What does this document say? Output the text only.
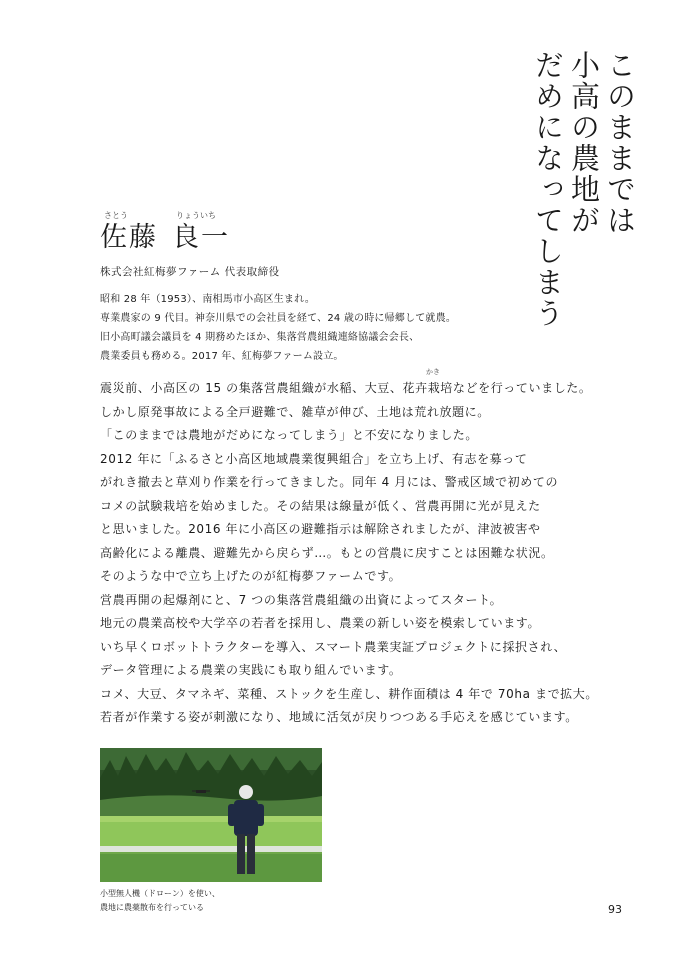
このままでは
小高の農地が
だめになってしまう
さとう	りょういち
佐藤 良一
株式会社紅梅夢ファーム 代表取締役

昭和 28 年（1953）、南相馬市小高区生まれ。

専業農家の 9 代目。神奈川県での会社員を経て、24 歳の時に帰郷して就農。

旧小高町議会議員を 4 期務めたほか、集落営農組織連絡協議会会長、

農業委員も務める。2017 年、紅梅夢ファーム設立。

かき

震災前、小高区の 15 の集落営農組織が水稲、大豆、花卉栽培などを行っていました。

しかし原発事故による全戸避難で、雑草が伸び、土地は荒れ放題に。

「このままでは農地がだめになってしまう」と不安になりました。

2012 年に「ふるさと小高区地域農業復興組合」を立ち上げ、有志を募って

がれき撤去と草刈り作業を行ってきました。同年 4 月には、警戒区域で初めての

コメの試験栽培を始めました。その結果は線量が低く、営農再開に光が見えた

と思いました。2016 年に小高区の避難指示は解除されましたが、津波被害や

高齢化による離農、避難先から戻らず…。もとの営農に戻すことは困難な状況。

そのような中で立ち上げたのが紅梅夢ファームです。

営農再開の起爆剤にと、7 つの集落営農組織の出資によってスタート。

地元の農業高校や大学卒の若者を採用し、農業の新しい姿を模索しています。

いち早くロボットトラクターを導入、スマート農業実証プロジェクトに採択され、

データ管理による農業の実践にも取り組んでいます。

コメ、大豆、タマネギ、菜種、ストックを生産し、耕作面積は 4 年で 70ha まで拡大。

若者が作業する姿が刺激になり、地域に活気が戻りつつある手応えを感じています。

小型無人機（ドローン）を使い、

農地に農薬散布を行っている	93
